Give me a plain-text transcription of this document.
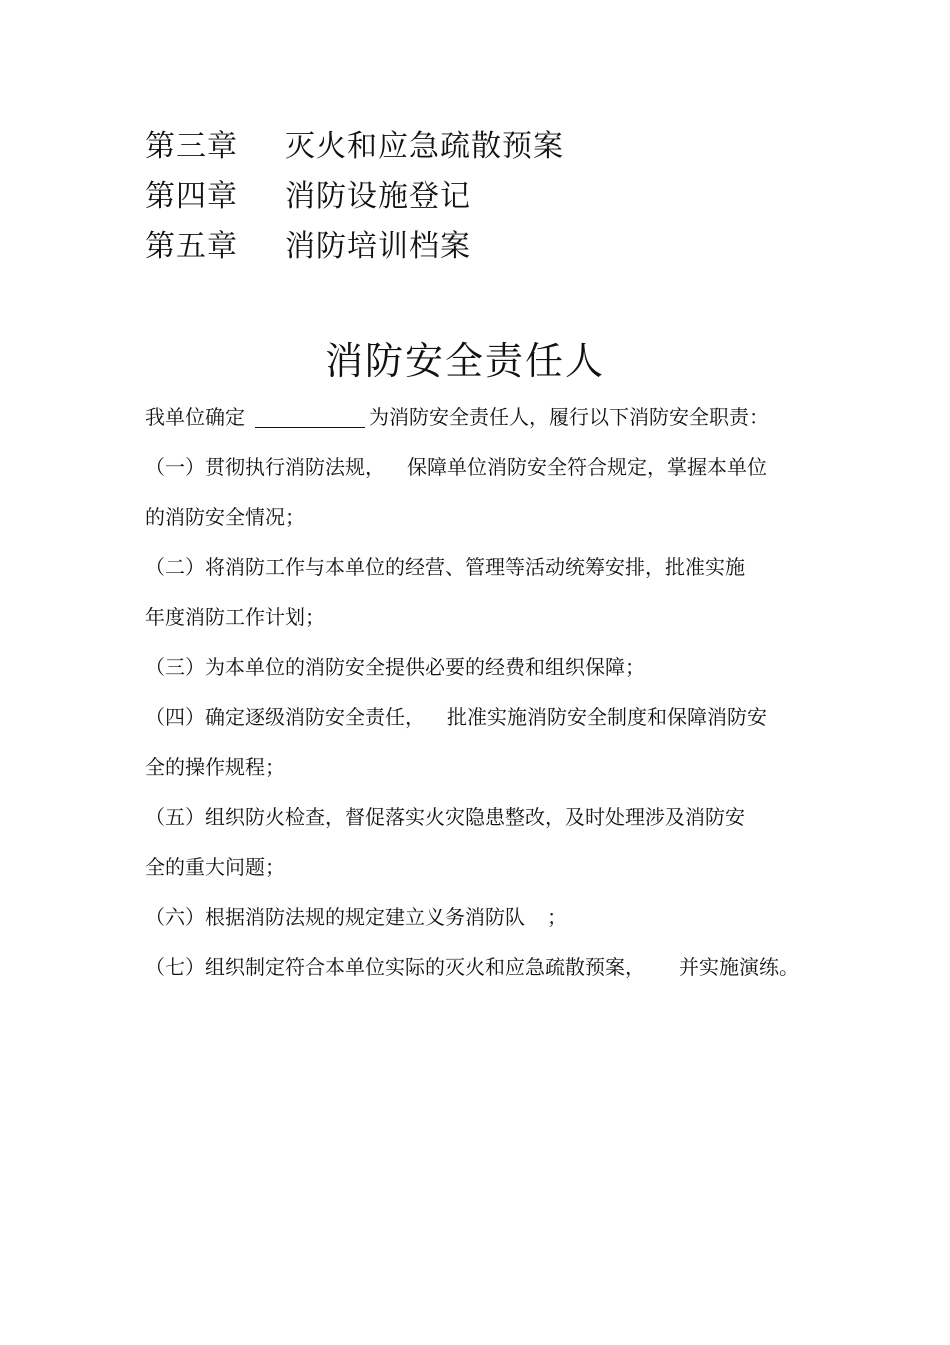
第三章	灭火和应急疏散预案
第四章	消防设施登记
第五章	消防培训档案
消防安全责任人
我单位确定	为消防安全责任人，履行以下消防安全职责：
（一）贯彻执行消防法规， 保障单位消防安全符合规定，掌握本单位
的消防安全情况；
（二）将消防工作与本单位的经营、管理等活动统筹安排，批准实施
年度消防工作计划；
（三）为本单位的消防安全提供必要的经费和组织保障；
（四）确定逐级消防安全责任， 批准实施消防安全制度和保障消防安
全的操作规程；
（五）组织防火检查，督促落实火灾隐患整改，及时处理涉及消防安
全的重大问题；
（六）根据消防法规的规定建立义务消防队 ；
（七）组织制定符合本单位实际的灭火和应急疏散预案， 并实施演练。
